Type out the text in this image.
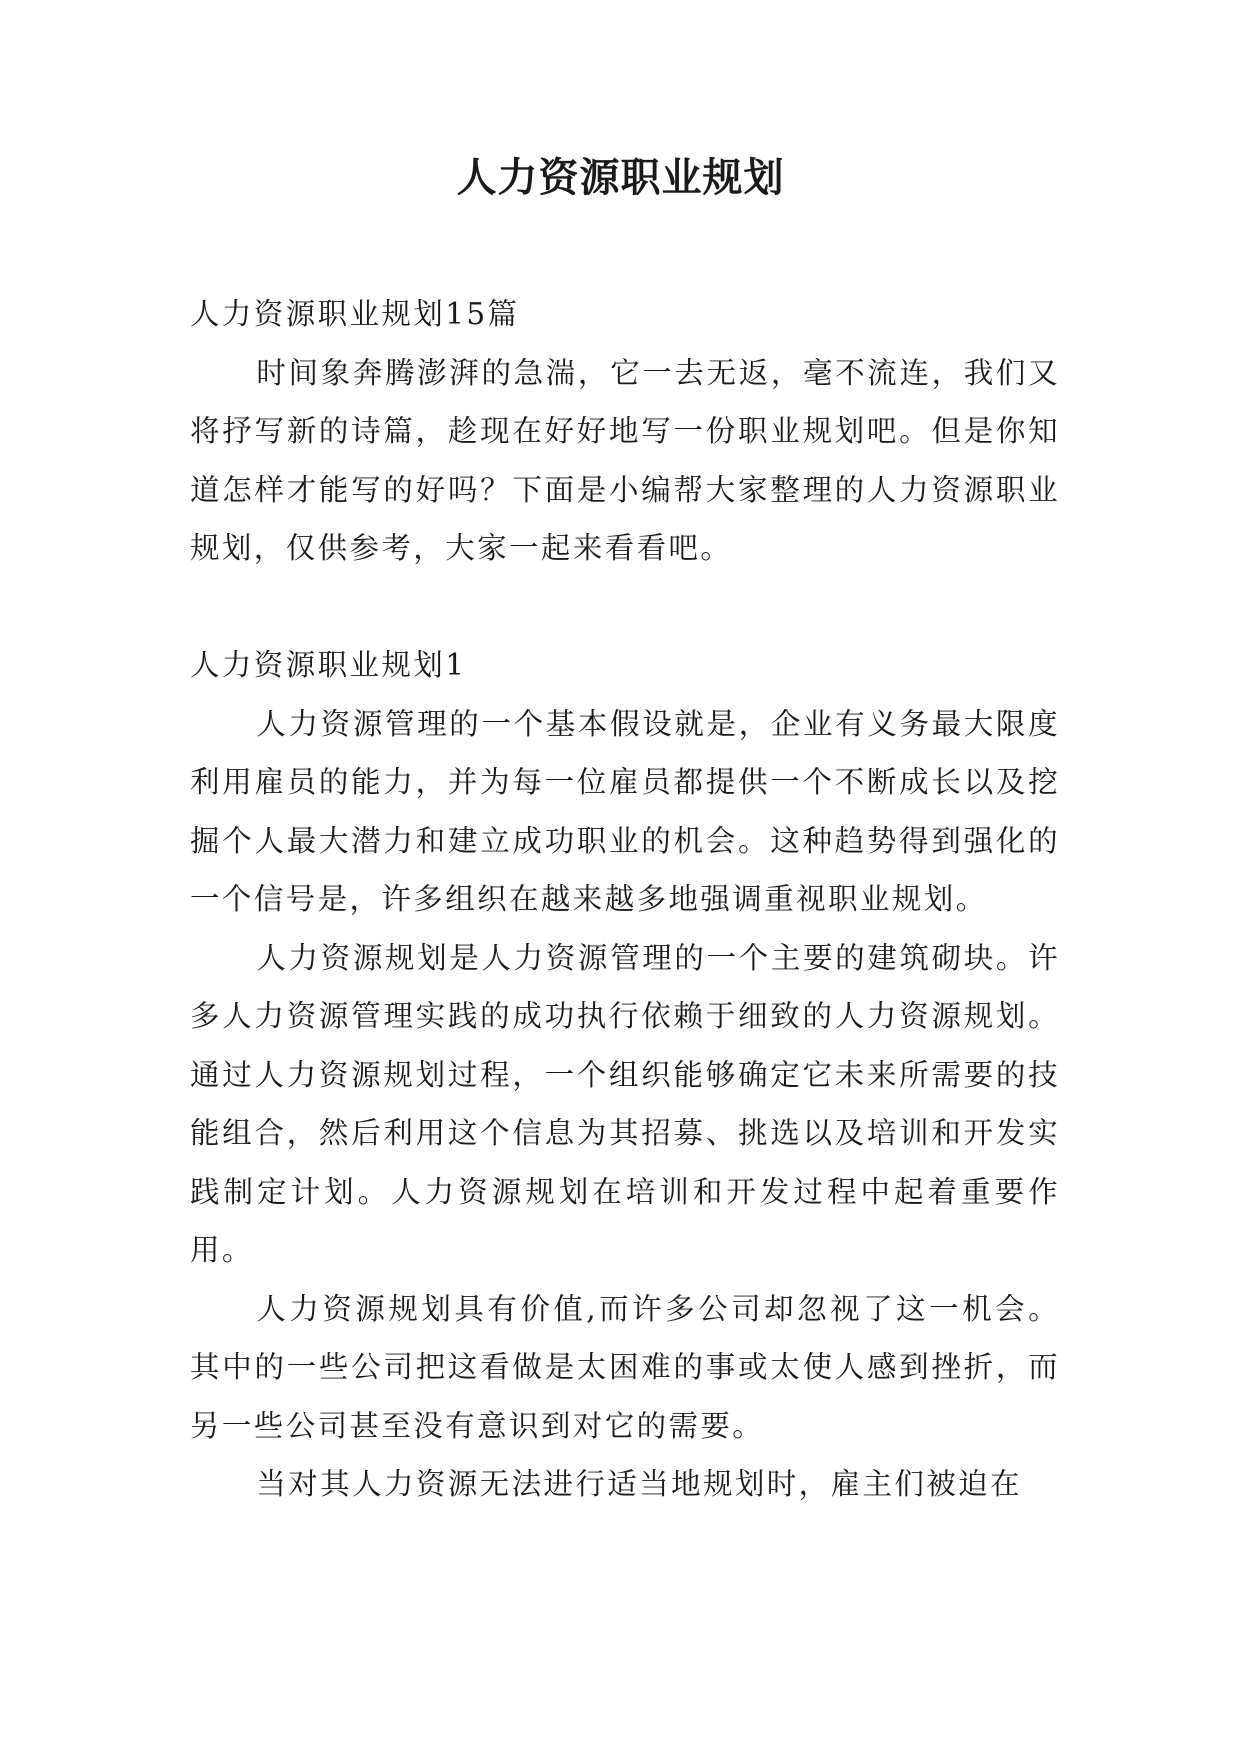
人力资源职业规划

人力资源职业规划15篇

时间象奔腾澎湃的急湍，它一去无返，毫不流连，我们又将抒写新的诗篇，趁现在好好地写一份职业规划吧。但是你知道怎样才能写的好吗？下面是小编帮大家整理的人力资源职业规划，仅供参考，大家一起来看看吧。

人力资源职业规划1

人力资源管理的一个基本假设就是，企业有义务最大限度利用雇员的能力，并为每一位雇员都提供一个不断成长以及挖掘个人最大潜力和建立成功职业的机会。这种趋势得到强化的一个信号是，许多组织在越来越多地强调重视职业规划。

人力资源规划是人力资源管理的一个主要的建筑砌块。许多人力资源管理实践的成功执行依赖于细致的人力资源规划。通过人力资源规划过程，一个组织能够确定它未来所需要的技能组合，然后利用这个信息为其招募、挑选以及培训和开发实践制定计划。人力资源规划在培训和开发过程中起着重要作用。

人力资源规划具有价值,而许多公司却忽视了这一机会。其中的一些公司把这看做是太困难的事或太使人感到挫折，而另一些公司甚至没有意识到对它的需要。

当对其人力资源无法进行适当地规划时，雇主们被迫在
